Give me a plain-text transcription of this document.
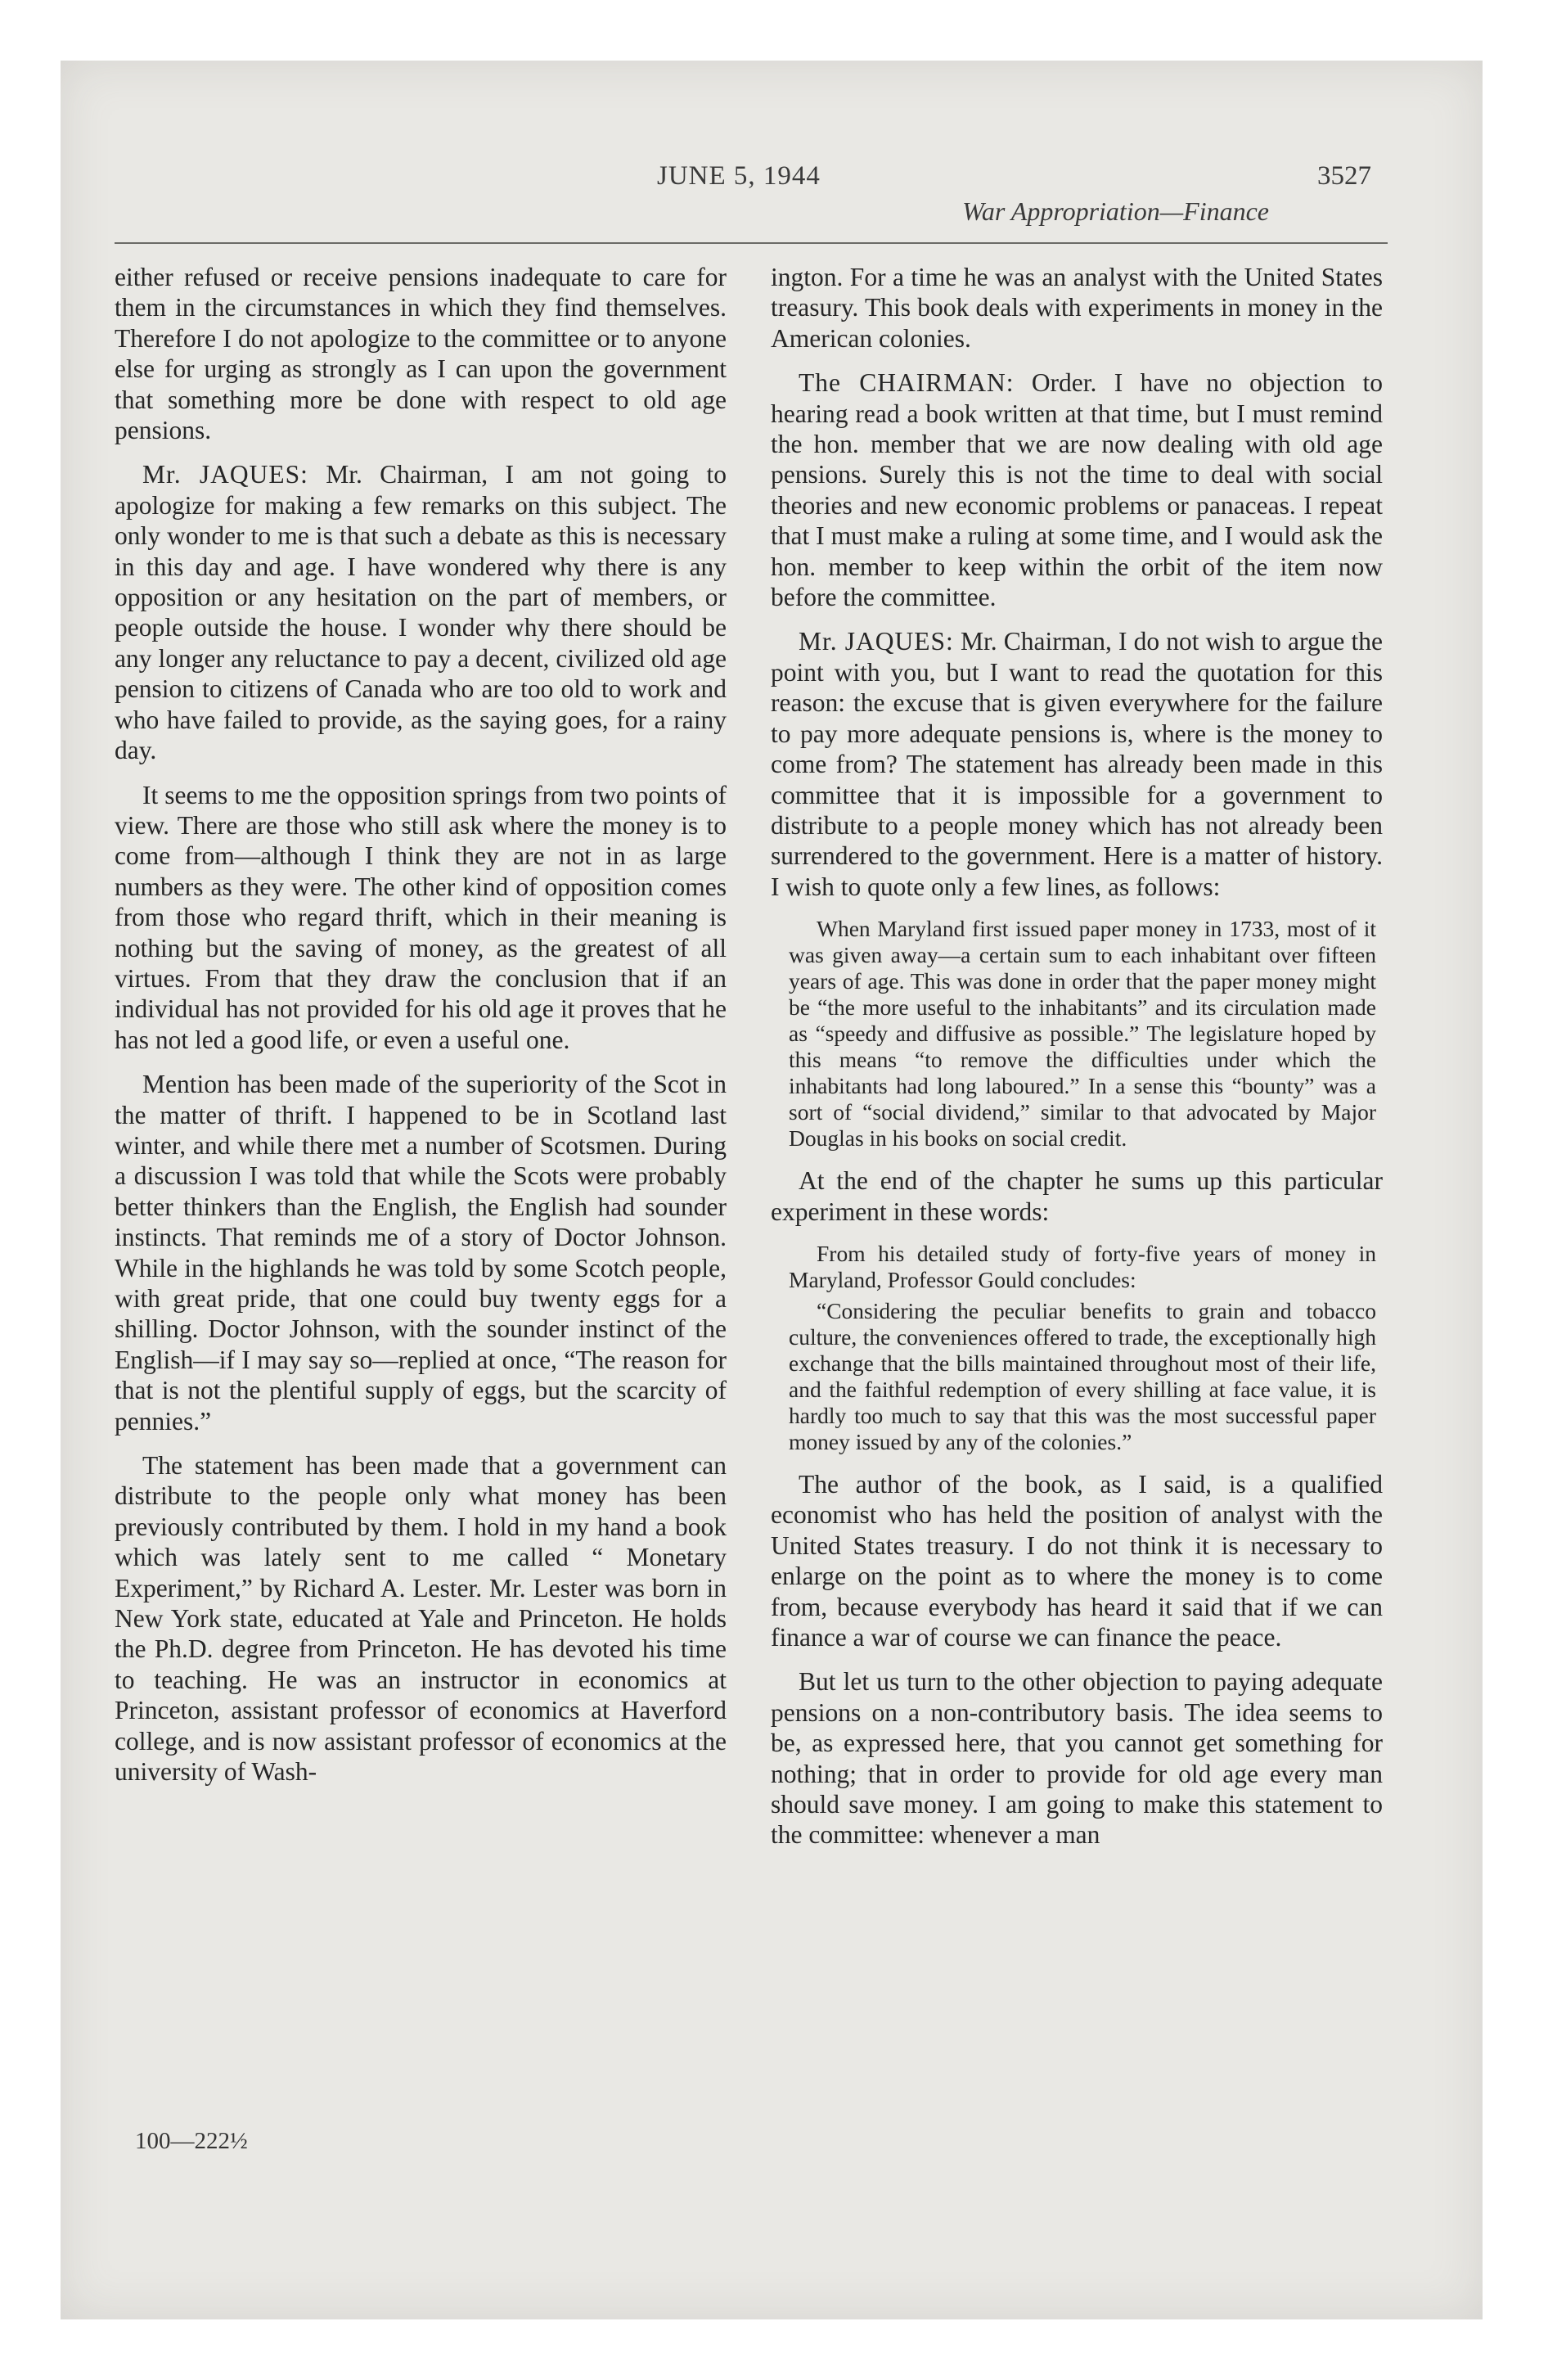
JUNE 5, 1944	3527
War Appropriation—Finance

either refused or receive pensions inadequate to care for them in the circumstances in which they find themselves. Therefore I do not apologize to the committee or to anyone else for urging as strongly as I can upon the government that something more be done with respect to old age pensions.

Mr. JAQUES: Mr. Chairman, I am not going to apologize for making a few remarks on this subject. The only wonder to me is that such a debate as this is necessary in this day and age. I have wondered why there is any opposition or any hesitation on the part of members, or people outside the house. I wonder why there should be any longer any reluctance to pay a decent, civilized old age pension to citizens of Canada who are too old to work and who have failed to provide, as the saying goes, for a rainy day.

It seems to me the opposition springs from two points of view. There are those who still ask where the money is to come from—although I think they are not in as large numbers as they were. The other kind of opposition comes from those who regard thrift, which in their meaning is nothing but the saving of money, as the greatest of all virtues. From that they draw the conclusion that if an individual has not provided for his old age it proves that he has not led a good life, or even a useful one.

Mention has been made of the superiority of the Scot in the matter of thrift. I happened to be in Scotland last winter, and while there met a number of Scotsmen. During a discussion I was told that while the Scots were probably better thinkers than the English, the English had sounder instincts. That reminds me of a story of Doctor Johnson. While in the highlands he was told by some Scotch people, with great pride, that one could buy twenty eggs for a shilling. Doctor Johnson, with the sounder instinct of the English—if I may say so—replied at once, “The reason for that is not the plentiful supply of eggs, but the scarcity of pennies.”

The statement has been made that a government can distribute to the people only what money has been previously contributed by them. I hold in my hand a book which was lately sent to me called “ Monetary Experiment,” by Richard A. Lester. Mr. Lester was born in New York state, educated at Yale and Princeton. He holds the Ph.D. degree from Princeton. He has devoted his time to teaching. He was an instructor in economics at Princeton, assistant professor of economics at Haverford college, and is now assistant professor of economics at the university of Wash-

ington. For a time he was an analyst with the United States treasury. This book deals with experiments in money in the American colonies.

The CHAIRMAN: Order. I have no objection to hearing read a book written at that time, but I must remind the hon. member that we are now dealing with old age pensions. Surely this is not the time to deal with social theories and new economic problems or panaceas. I repeat that I must make a ruling at some time, and I would ask the hon. member to keep within the orbit of the item now before the committee.

Mr. JAQUES: Mr. Chairman, I do not wish to argue the point with you, but I want to read the quotation for this reason: the excuse that is given everywhere for the failure to pay more adequate pensions is, where is the money to come from? The statement has already been made in this committee that it is impossible for a government to distribute to a people money which has not already been surrendered to the government. Here is a matter of history. I wish to quote only a few lines, as follows:

When Maryland first issued paper money in 1733, most of it was given away—a certain sum to each inhabitant over fifteen years of age. This was done in order that the paper money might be “the more useful to the inhabitants” and its circulation made as “speedy and diffusive as possible.” The legislature hoped by this means “to remove the difficulties under which the inhabitants had long laboured.” In a sense this “bounty” was a sort of “social dividend,” similar to that advocated by Major Douglas in his books on social credit.

At the end of the chapter he sums up this particular experiment in these words:

From his detailed study of forty-five years of money in Maryland, Professor Gould concludes:
“Considering the peculiar benefits to grain and tobacco culture, the conveniences offered to trade, the exceptionally high exchange that the bills maintained throughout most of their life, and the faithful redemption of every shilling at face value, it is hardly too much to say that this was the most successful paper money issued by any of the colonies.”

The author of the book, as I said, is a qualified economist who has held the position of analyst with the United States treasury. I do not think it is necessary to enlarge on the point as to where the money is to come from, because everybody has heard it said that if we can finance a war of course we can finance the peace.

But let us turn to the other objection to paying adequate pensions on a non-contributory basis. The idea seems to be, as expressed here, that you cannot get something for nothing; that in order to provide for old age every man should save money. I am going to make this statement to the committee: whenever a man

100—222½
